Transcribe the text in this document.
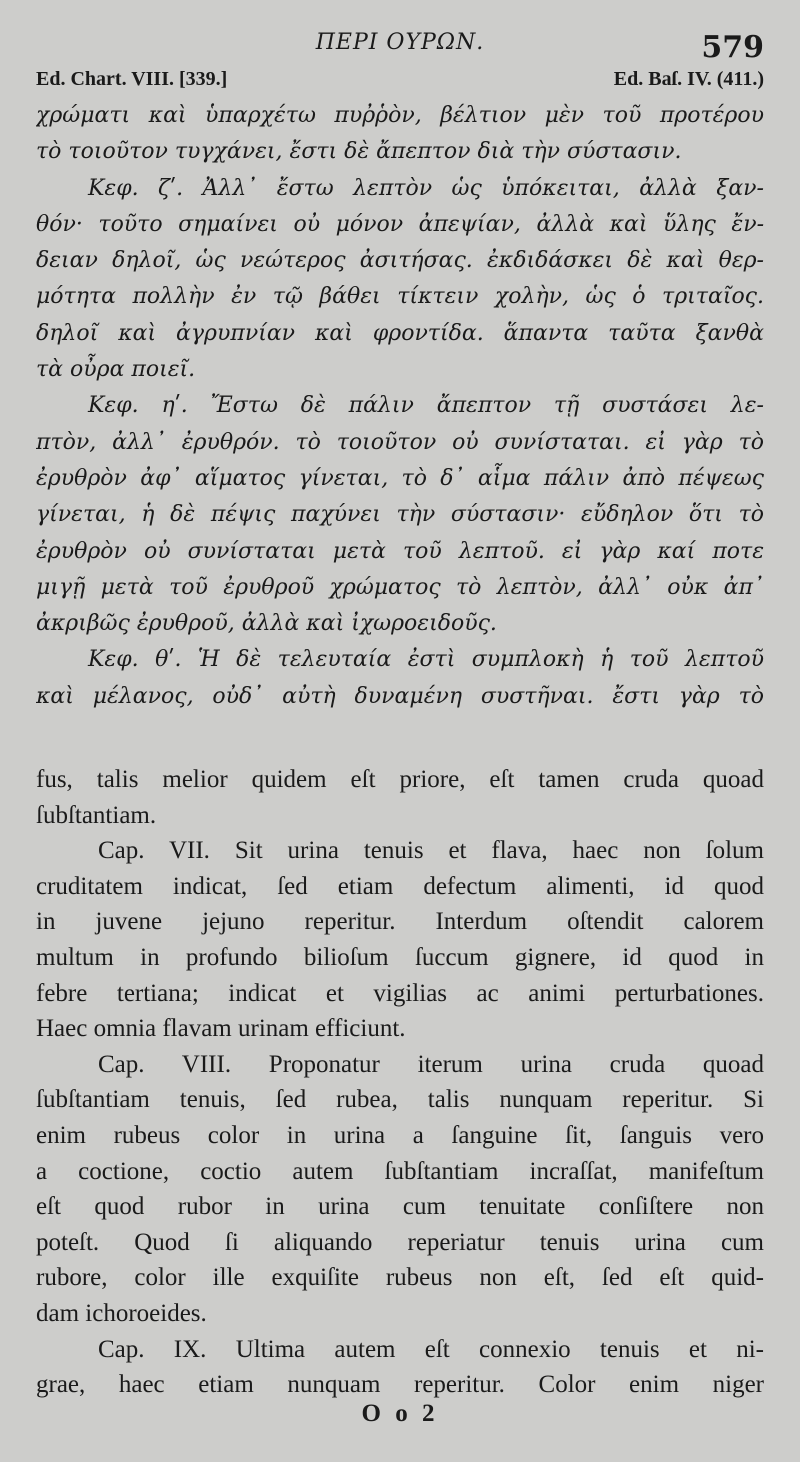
ΠΕΡΙ ΟΥΡΩΝ.	579
Ed. Chart. VIII. [339.]	Ed. Baſ. IV. (411.)
χρώματι καὶ ὑπαρχέτω πυῤῥὸν, βέλτιον μὲν τοῦ προτέρου
τὸ τοιοῦτον τυγχάνει, ἔστι δὲ ἄπεπτον διὰ τὴν σύστασιν.
Κεφ. ζʹ. Ἀλλ᾽ ἔστω λεπτὸν ὡς ὑπόκειται, ἀλλὰ ξαν-
θόν· τοῦτο σημαίνει οὐ μόνον ἀπεψίαν, ἀλλὰ καὶ ὕλης ἔν-
δειαν δηλοῖ, ὡς νεώτερος ἀσιτήσας. ἐκδιδάσκει δὲ καὶ θερ-
μότητα πολλὴν ἐν τῷ βάθει τίκτειν χολὴν, ὡς ὁ τριταῖος.
δηλοῖ καὶ ἀγρυπνίαν καὶ φροντίδα. ἅπαντα ταῦτα ξανθὰ
τὰ οὖρα ποιεῖ.
Κεφ. ηʹ. Ἔστω δὲ πάλιν ἄπεπτον τῇ συστάσει λε-
πτὸν, ἀλλ᾽ ἐρυθρόν. τὸ τοιοῦτον οὐ συνίσταται. εἰ γὰρ τὸ
ἐρυθρὸν ἀφ᾽ αἵματος γίνεται, τὸ δ᾽ αἷμα πάλιν ἀπὸ πέψεως
γίνεται, ἡ δὲ πέψις παχύνει τὴν σύστασιν· εὔδηλον ὅτι τὸ
ἐρυθρὸν οὐ συνίσταται μετὰ τοῦ λεπτοῦ. εἰ γὰρ καί ποτε
μιγῇ μετὰ τοῦ ἐρυθροῦ χρώματος τὸ λεπτὸν, ἀλλ᾽ οὐκ ἀπ᾽
ἀκριβῶς ἐρυθροῦ, ἀλλὰ καὶ ἰχωροειδοῦς.
Κεφ. θʹ. Ἡ δὲ τελευταία ἐστὶ συμπλοκὴ ἡ τοῦ λεπτοῦ
καὶ μέλανος, οὐδ᾽ αὐτὴ δυναμένη συστῆναι. ἔστι γὰρ τὸ
fus, talis melior quidem eſt priore, eſt tamen cruda quoad
ſubſtantiam.
Cap. VII. Sit urina tenuis et flava, haec non ſolum
cruditatem indicat, ſed etiam defectum alimenti, id quod
in juvene jejuno reperitur. Interdum oſtendit calorem
multum in profundo bilioſum ſuccum gignere, id quod in
febre tertiana; indicat et vigilias ac animi perturbationes.
Haec omnia flavam urinam efficiunt.
Cap. VIII. Proponatur iterum urina cruda quoad
ſubſtantiam tenuis, ſed rubea, talis nunquam reperitur. Si
enim rubeus color in urina a ſanguine ſit, ſanguis vero
a coctione, coctio autem ſubſtantiam incraſſat, manifeſtum
eſt quod rubor in urina cum tenuitate conſiſtere non
poteſt. Quod ſi aliquando reperiatur tenuis urina cum
rubore, color ille exquiſite rubeus non eſt, ſed eſt quid-
dam ichoroeides.
Cap. IX. Ultima autem eſt connexio tenuis et ni-
grae, haec etiam nunquam reperitur. Color enim niger
O o 2
